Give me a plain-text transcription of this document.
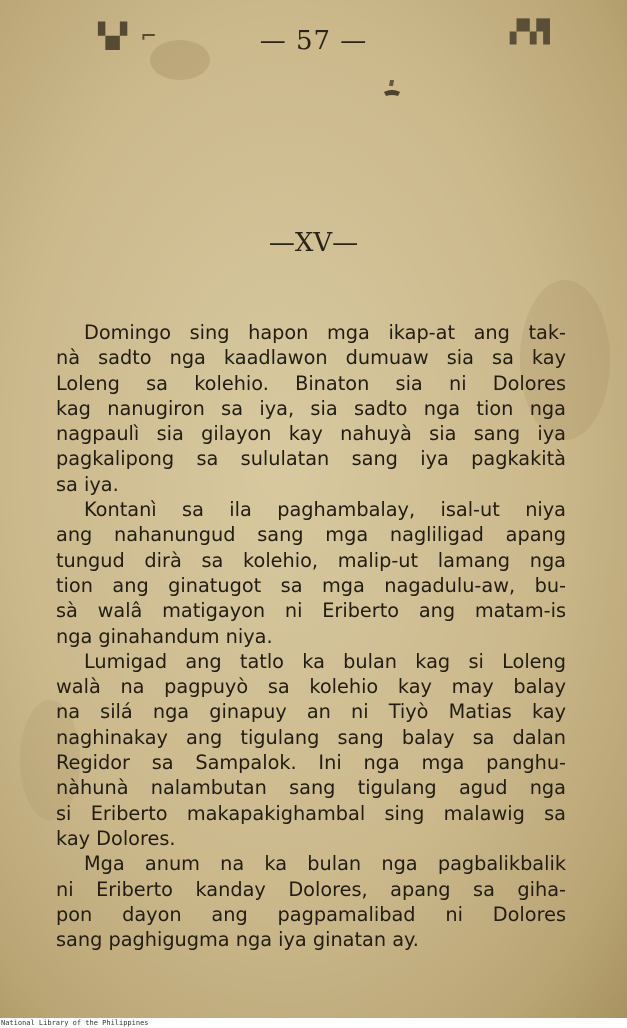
▚▞ ⌐	— 57 —	▞▚▜
—XV—
Domingo sing hapon mga ikap-at ang tak-
nà sadto nga kaadlawon dumuaw sia sa kay
Loleng sa kolehio. Binaton sia ni Dolores
kag nanugiron sa iya, sia sadto nga tion nga
nagpaulì sia gilayon kay nahuyà sia sang iya
pagkalipong sa sululatan sang iya pagkakità
sa iya.
Kontanì sa ila paghambalay, isal-ut niya
ang nahanungud sang mga nagliligad apang
tungud dirà sa kolehio, malip-ut lamang nga
tion ang ginatugot sa mga nagadulu-aw, bu-
sà walâ matigayon ni Eriberto ang matam-is
nga ginahandum niya.
Lumigad ang tatlo ka bulan kag si Loleng
walà na pagpuyò sa kolehio kay may balay
na silá nga ginapuy an ni Tiyò Matias kay
naghinakay ang tigulang sang balay sa dalan
Regidor sa Sampalok. Ini nga mga panghu-
nàhunà nalambutan sang tigulang agud nga
si Eriberto makapakighambal sing malawig sa
kay Dolores.
Mga anum na ka bulan nga pagbalikbalik
ni Eriberto kanday Dolores, apang sa giha-
pon dayon ang pagpamalibad ni Dolores
sang paghigugma nga iya ginatan ay.
National Library of the Philippines
